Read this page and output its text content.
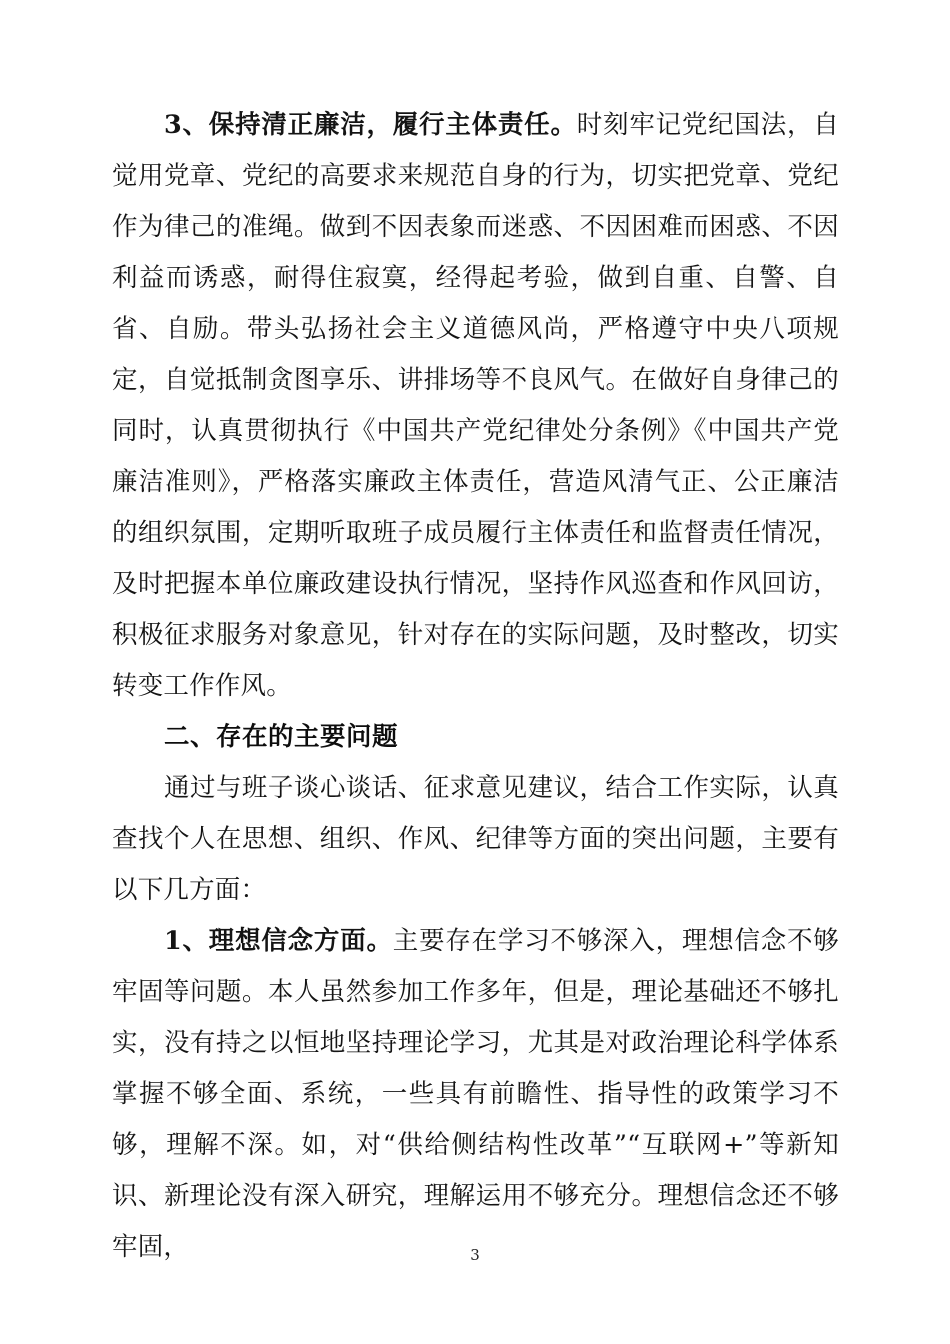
3、保持清正廉洁，履行主体责任。时刻牢记党纪国法，自觉用党章、党纪的高要求来规范自身的行为，切实把党章、党纪作为律己的准绳。做到不因表象而迷惑、不因困难而困惑、不因利益而诱惑，耐得住寂寞，经得起考验，做到自重、自警、自省、自励。带头弘扬社会主义道德风尚，严格遵守中央八项规定，自觉抵制贪图享乐、讲排场等不良风气。在做好自身律己的同时，认真贯彻执行《中国共产党纪律处分条例》《中国共产党廉洁准则》，严格落实廉政主体责任，营造风清气正、公正廉洁的组织氛围，定期听取班子成员履行主体责任和监督责任情况，及时把握本单位廉政建设执行情况，坚持作风巡查和作风回访，积极征求服务对象意见，针对存在的实际问题，及时整改，切实转变工作作风。

二、存在的主要问题

通过与班子谈心谈话、征求意见建议，结合工作实际，认真查找个人在思想、组织、作风、纪律等方面的突出问题，主要有以下几方面：

1、理想信念方面。主要存在学习不够深入，理想信念不够牢固等问题。本人虽然参加工作多年，但是，理论基础还不够扎实，没有持之以恒地坚持理论学习，尤其是对政治理论科学体系掌握不够全面、系统，一些具有前瞻性、指导性的政策学习不够，理解不深。如，对“供给侧结构性改革”“互联网+”等新知识、新理论没有深入研究，理解运用不够充分。理想信念还不够牢固，	3
